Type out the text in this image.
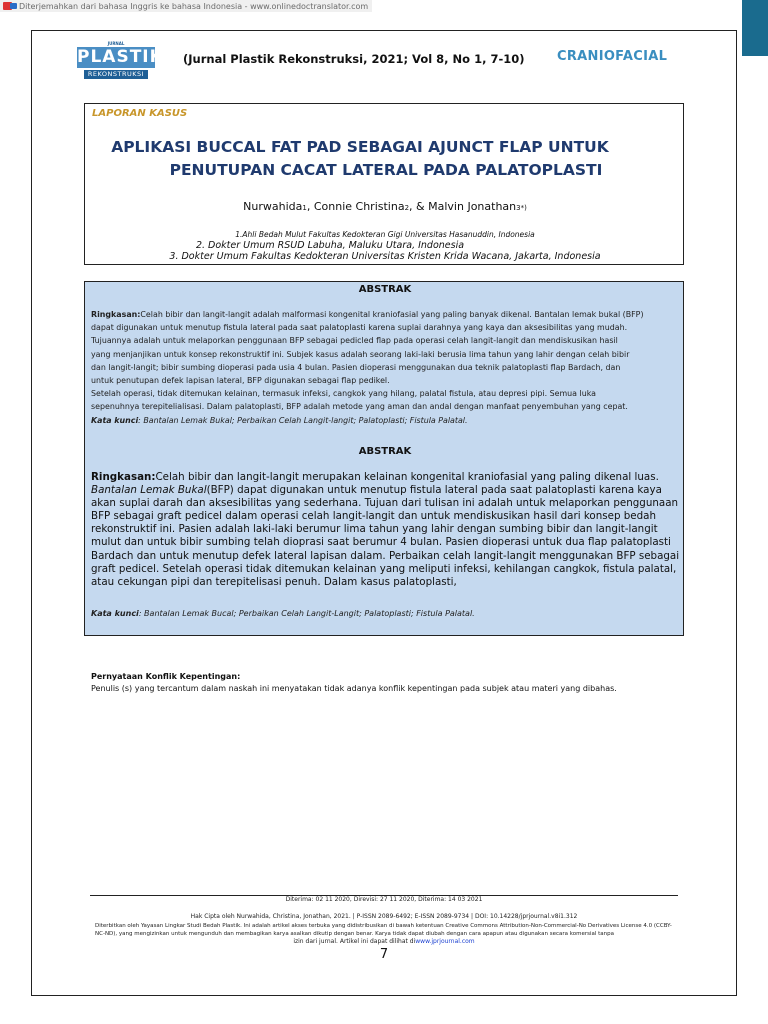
Diterjemahkan dari bahasa Inggris ke bahasa Indonesia - www.onlinedoctranslator.com
JURNAL
PLASTIK
REKONSTRUKSI
(Jurnal Plastik Rekonstruksi, 2021; Vol 8, No 1, 7-10)	CRANIOFACIAL
LAPORAN KASUS
APLIKASI BUCCAL FAT PAD SEBAGAI AJUNCT FLAP UNTUK
PENUTUPAN CACAT LATERAL PADA PALATOPLASTI
Nurwahida1, Connie Christina2, & Malvin Jonathan3*)
1.Ahli Bedah Mulut Fakultas Kedokteran Gigi Universitas Hasanuddin, Indonesia
2. Dokter Umum RSUD Labuha, Maluku Utara, Indonesia
3. Dokter Umum Fakultas Kedokteran Universitas Kristen Krida Wacana, Jakarta, Indonesia
ABSTRAK
Ringkasan:Celah bibir dan langit-langit adalah malformasi kongenital kraniofasial yang paling banyak dikenal. Bantalan lemak bukal (BFP)
dapat digunakan untuk menutup fistula lateral pada saat palatoplasti karena suplai darahnya yang kaya dan aksesibilitas yang mudah.
Tujuannya adalah untuk melaporkan penggunaan BFP sebagai pedicled flap pada operasi celah langit-langit dan mendiskusikan hasil
yang menjanjikan untuk konsep rekonstruktif ini. Subjek kasus adalah seorang laki-laki berusia lima tahun yang lahir dengan celah bibir
dan langit-langit; bibir sumbing dioperasi pada usia 4 bulan. Pasien dioperasi menggunakan dua teknik palatoplasti flap Bardach, dan
untuk penutupan defek lapisan lateral, BFP digunakan sebagai flap pedikel.
Setelah operasi, tidak ditemukan kelainan, termasuk infeksi, cangkok yang hilang, palatal fistula, atau depresi pipi. Semua luka
sepenuhnya terepitelialisasi. Dalam palatoplasti, BFP adalah metode yang aman dan andal dengan manfaat penyembuhan yang cepat.
Kata kunci: Bantalan Lemak Bukal; Perbaikan Celah Langit-langit; Palatoplasti; Fistula Palatal.
ABSTRAK
Ringkasan:Celah bibir dan langit-langit merupakan kelainan kongenital kraniofasial yang paling dikenal luas.
Bantalan Lemak Bukal(BFP) dapat digunakan untuk menutup fistula lateral pada saat palatoplasti karena kaya
akan suplai darah dan aksesibilitas yang sederhana. Tujuan dari tulisan ini adalah untuk melaporkan penggunaan
BFP sebagai graft pedicel dalam operasi celah langit-langit dan untuk mendiskusikan hasil dari konsep bedah
rekonstruktif ini. Pasien adalah laki-laki berumur lima tahun yang lahir dengan sumbing bibir dan langit-langit
mulut dan untuk bibir sumbing telah dioprasi saat berumur 4 bulan. Pasien dioperasi untuk dua flap palatoplasti
Bardach dan untuk menutup defek lateral lapisan dalam. Perbaikan celah langit-langit menggunakan BFP sebagai
graft pedicel. Setelah operasi tidak ditemukan kelainan yang meliputi infeksi, kehilangan cangkok, fistula palatal,
atau cekungan pipi dan terepitelisasi penuh. Dalam kasus palatoplasti,
Kata kunci: Bantalan Lemak Bucal; Perbaikan Celah Langit-Langit; Palatoplasti; Fistula Palatal.
Pernyataan Konflik Kepentingan:
Penulis (s) yang tercantum dalam naskah ini menyatakan tidak adanya konflik kepentingan pada subjek atau materi yang dibahas.
Diterima: 02 11 2020, Direvisi: 27 11 2020, Diterima: 14 03 2021
Hak Cipta oleh Nurwahida, Christina, Jonathan, 2021. | P-ISSN 2089-6492; E-ISSN 2089-9734 | DOI: 10.14228/jprjournal.v8i1.312
Diterbitkan oleh Yayasan Lingkar Studi Bedah Plastik. Ini adalah artikel akses terbuka yang didistribusikan di bawah ketentuan Creative Commons Attribution-Non-Commercial-No Derivatives License 4.0 (CCBY-NC-ND), yang mengizinkan untuk mengunduh dan membagikan karya asalkan dikutip dengan benar. Karya tidak dapat diubah dengan cara apapun atau digunakan secara komersial tanpa
izin dari jurnal. Artikel ini dapat dilihat diwww.jprjournal.com
7
